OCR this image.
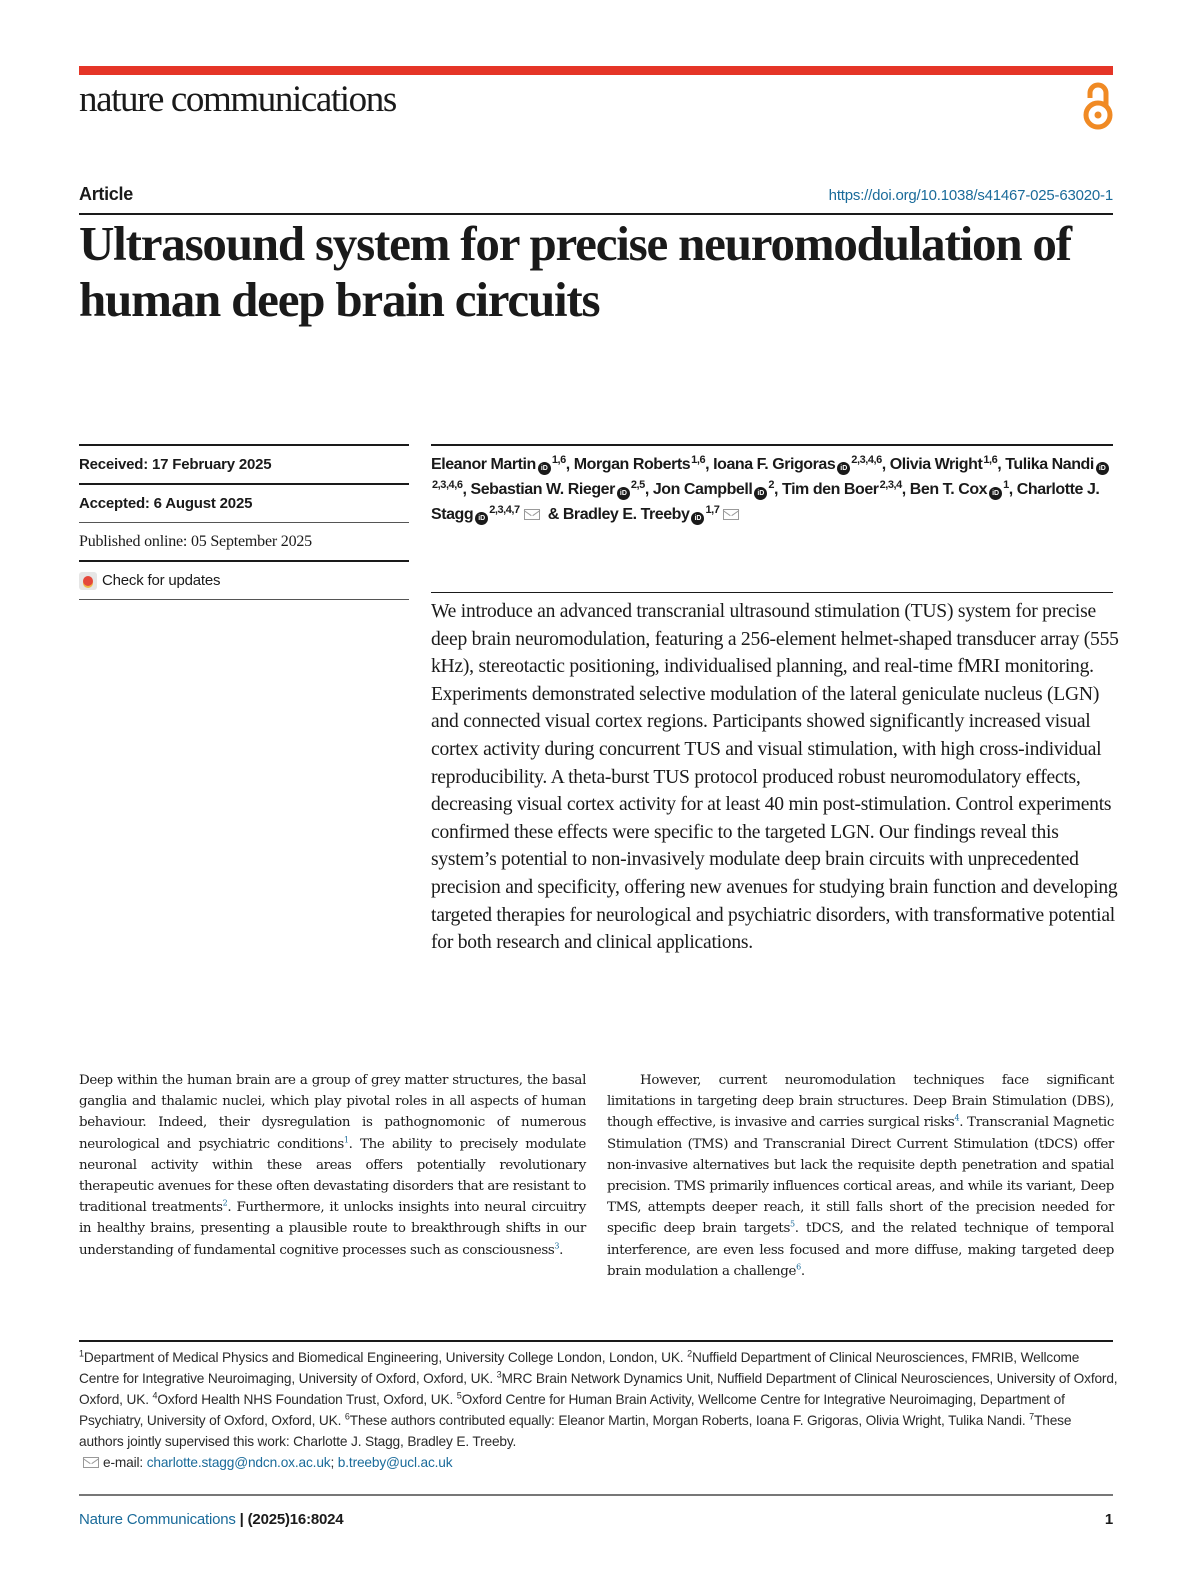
nature communications
Article	https://doi.org/10.1038/s41467-025-63020-1
Ultrasound system for precise neuromodulation of human deep brain circuits
Received: 17 February 2025
Accepted: 6 August 2025
Published online: 05 September 2025
Check for updates
Eleanor Martin iD$^{1,6}$, Morgan Roberts$^{1,6}$, Ioana F. Grigoras iD$^{2,3,4,6}$, Olivia Wright$^{1,6}$, Tulika Nandi iD$^{2,3,4,6}$, Sebastian W. Rieger iD$^{2,5}$, Jon Campbell $iD^2$, Tim den Boer$^{2,3,4}$, Ben T. Cox $iD^1$, Charlotte J. Stagg iD$^{2,3,4,7}$ & Bradley E. Treeby iD$^{1,7}$

We introduce an advanced transcranial ultrasound stimulation (TUS) system for precise deep brain neuromodulation, featuring a 256-element helmet-shaped transducer array (555 kHz), stereotactic positioning, individualised planning, and real-time fMRI monitoring. Experiments demonstrated selective modulation of the lateral geniculate nucleus (LGN) and connected visual cortex regions. Participants showed significantly increased visual cortex activity during concurrent TUS and visual stimulation, with high cross-individual reproducibility. A theta-burst TUS protocol produced robust neuromodulatory effects, decreasing visual cortex activity for at least 40 min post-stimulation. Control experiments confirmed these effects were specific to the targeted LGN. Our findings reveal this system’s potential to non-invasively modulate deep brain circuits with unprecedented precision and specificity, offering new avenues for studying brain function and developing targeted therapies for neurological and psychiatric disorders, with transformative potential for both research and clinical applications.

Deep within the human brain are a group of grey matter structures, the basal ganglia and thalamic nuclei, which play pivotal roles in all aspects of human behaviour. Indeed, their dysregulation is pathognomonic of numerous neurological and psychiatric conditions$^1$. The ability to precisely modulate neuronal activity within these areas offers potentially revolutionary therapeutic avenues for these often devastating disorders that are resistant to traditional treatments$^2$. Furthermore, it unlocks insights into neural circuitry in healthy brains, presenting a plausible route to breakthrough shifts in our understanding of fundamental cognitive processes such as consciousness$^3$.

However, current neuromodulation techniques face significant limitations in targeting deep brain structures. Deep Brain Stimulation (DBS), though effective, is invasive and carries surgical risks$^4$. Transcranial Magnetic Stimulation (TMS) and Transcranial Direct Current Stimulation (tDCS) offer non-invasive alternatives but lack the requisite depth penetration and spatial precision. TMS primarily influences cortical areas, and while its variant, Deep TMS, attempts deeper reach, it still falls short of the precision needed for specific deep brain targets$^5$. tDCS, and the related technique of temporal interference, are even less focused and more diffuse, making targeted deep brain modulation a challenge$^6$.

$^1$Department of Medical Physics and Biomedical Engineering, University College London, London, UK. $^2$Nuffield Department of Clinical Neurosciences, FMRIB, Wellcome Centre for Integrative Neuroimaging, University of Oxford, Oxford, UK. $^3$MRC Brain Network Dynamics Unit, Nuffield Department of Clinical Neurosciences, University of Oxford, Oxford, UK. $^4$Oxford Health NHS Foundation Trust, Oxford, UK. $^5$Oxford Centre for Human Brain Activity, Wellcome Centre for Integrative Neuroimaging, Department of Psychiatry, University of Oxford, Oxford, UK. $^6$These authors contributed equally: Eleanor Martin, Morgan Roberts, Ioana F. Grigoras, Olivia Wright, Tulika Nandi. $^7$These authors jointly supervised this work: Charlotte J. Stagg, Bradley E. Treeby.
e-mail: charlotte.stagg@ndcn.ox.ac.uk; b.treeby@ucl.ac.uk

Nature Communications | (2025)16:8024	1
